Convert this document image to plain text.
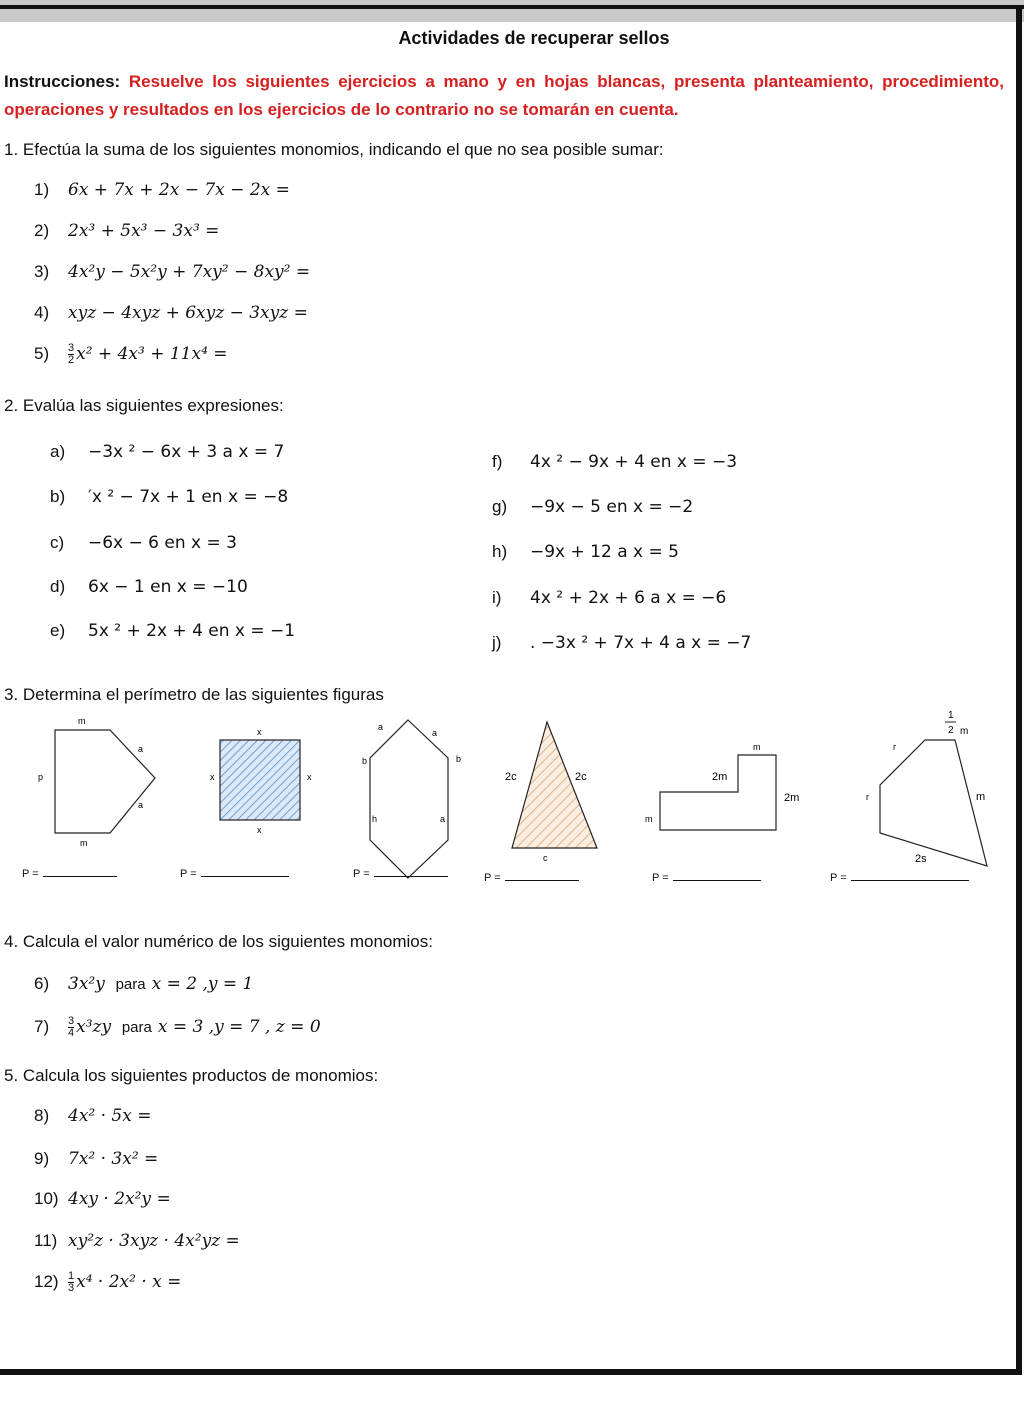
Actividades de recuperar sellos
Instrucciones: Resuelve los siguientes ejercicios a mano y en hojas blancas, presenta planteamiento, procedimiento, operaciones y resultados en los ejercicios de lo contrario no se tomarán en cuenta.
1. Efectúa la suma de los siguientes monomios, indicando el que no sea posible sumar:
1) 6x + 7x + 2x − 7x − 2x =
2) 2x³ + 5x³ − 3x³ =
3) 4x²y − 5x²y + 7xy² − 8xy² =
4) xyz − 4xyz + 6xyz − 3xyz =
$5) \frac{3}{2} x^2 + 4x^3 + 11x^4$ =
2. Evalúa las siguientes expresiones:
a) −3x ² − 6x + 3 a x = 7
b) ′x ² − 7x + 1 en x = −8
c) −6x − 6 en x = 3
d) 6x − 1 en x = −10
e) 5x ² + 2x + 4 en x = −1
f) 4x ² − 9x + 4 en x = −3
g) −9x − 5 en x = −2
h) −9x + 12 a x = 5
i) 4x ² + 2x + 6 a x = −6
j) . −3x ² + 7x + 4 a x = −7
3. Determina el perímetro de las siguientes figuras
m
m
p
a
a
x
x
x	x
a
a
b	b
h	a
2c	2c
c
m
2m
2m
m
1
2 m
r
r	m
2s
P =	P =	P =	P =	P =	P =
4. Calcula el valor numérico de los siguientes monomios:
6) 3x²y para x = 2 ,y = 1
$7) \frac{3}{4} x^3zy$ para x = 3 ,y = 7 , z = 0
5. Calcula los siguientes productos de monomios:
8) 4x² · 5x =
9) 7x² · 3x² =
10) 4xy · 2x²y =
11) xy²z · 3xyz · 4x²yz =
$12) \frac{1}{3} x^4 \cdot 2x^2 \cdot x$ =
